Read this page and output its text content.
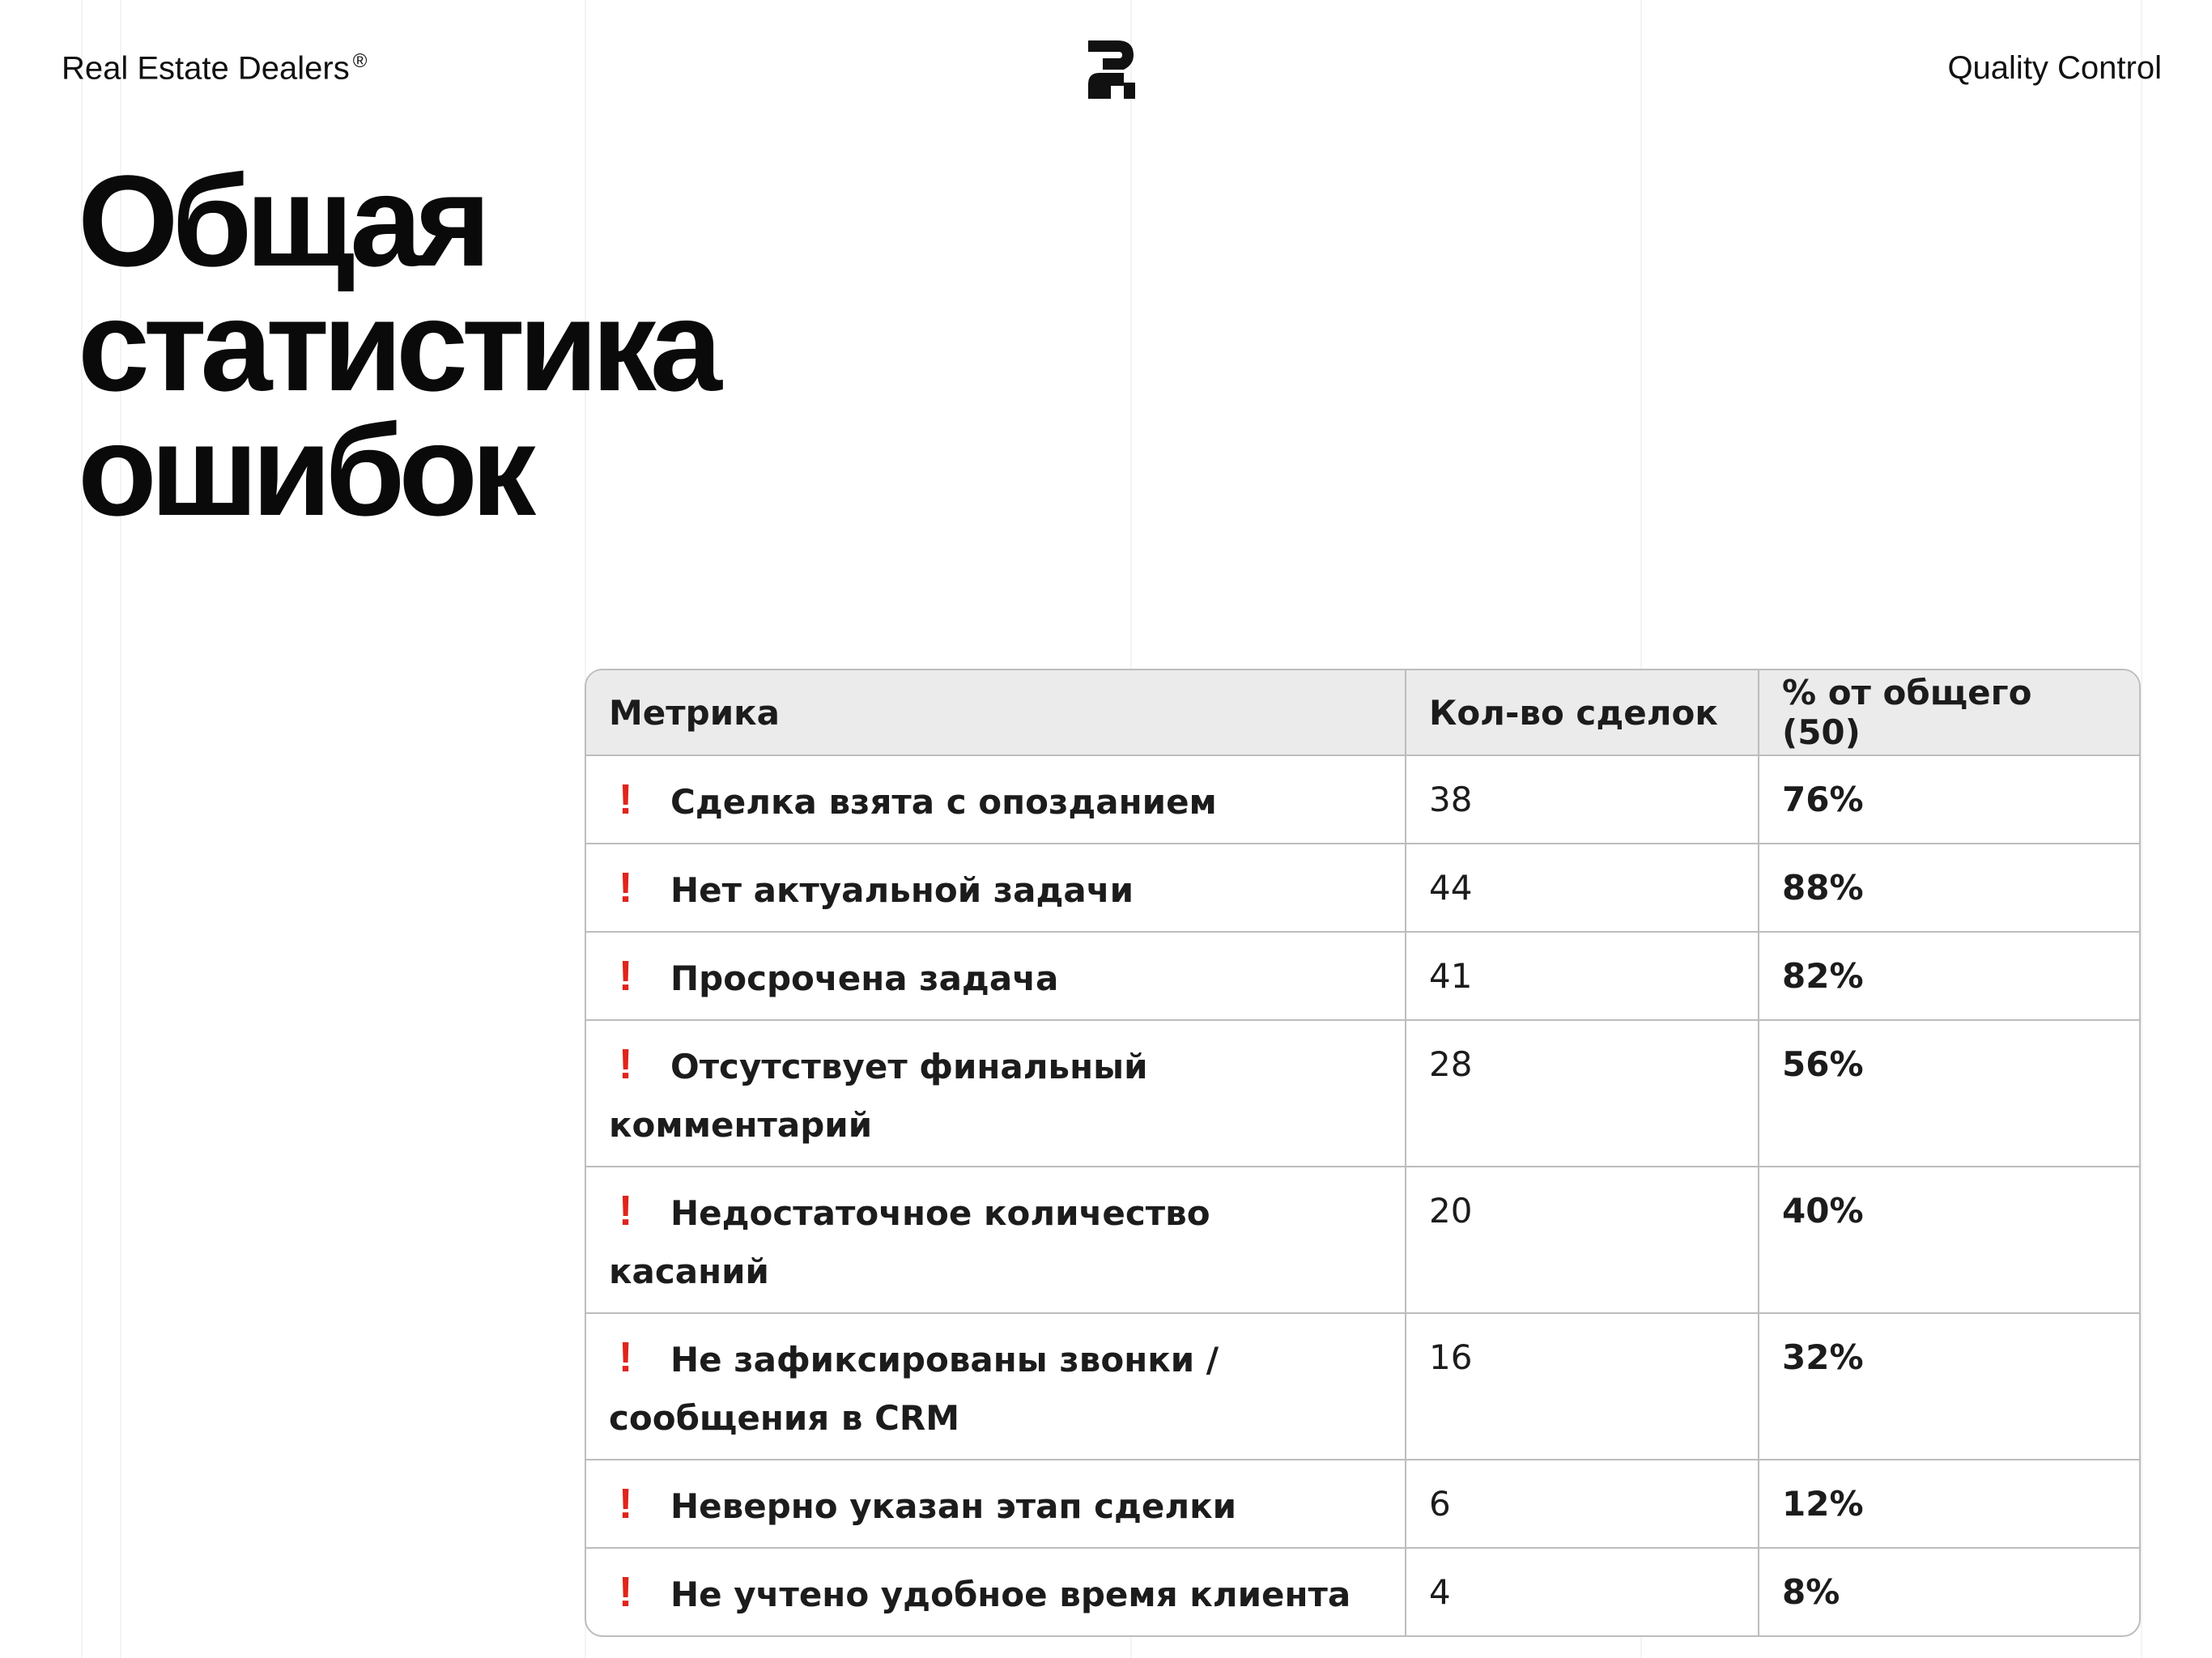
Real Estate Dealers ®	Quality Control
Общая
статистика
ошибок
Метрика	Кол-во сделок	% от общего (50)
! Сделка взята с опозданием	38	76%
! Нет актуальной задачи	44	88%
! Просрочена задача	41	82%
! Отсутствует финальный комментарий	28	56%
! Недостаточное количество касаний	20	40%
! Не зафиксированы звонки / сообщения в CRM	16	32%
! Неверно указан этап сделки	6	12%
! Не учтено удобное время клиента	4	8%
